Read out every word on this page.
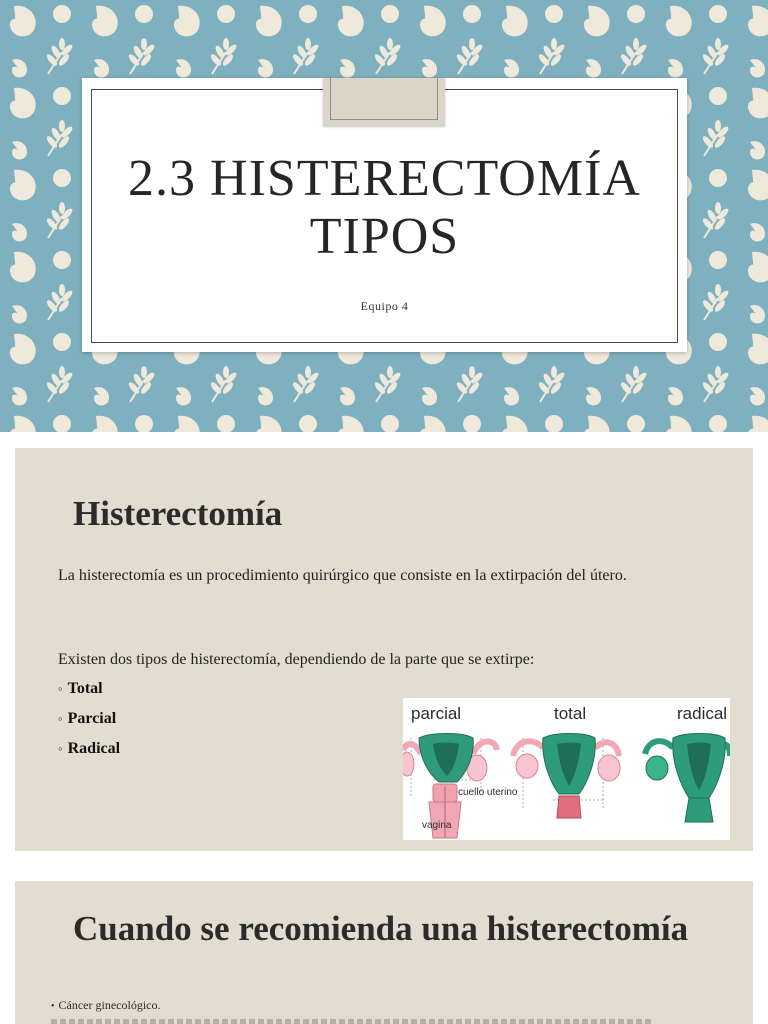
2.3 HISTERECTOMÍA
TIPOS
Equipo 4
Histerectomía

La histerectomía es un procedimiento quirúrgico que consiste en la extirpación del útero.

Existen dos tipos de histerectomía, dependiendo de la parte que se extirpe:

◦ Total
◦ Parcial
◦ Radical
parcial	total	radical
cuello uterino
vagina
Cuando se recomienda una histerectomía
• Cáncer ginecológico.
